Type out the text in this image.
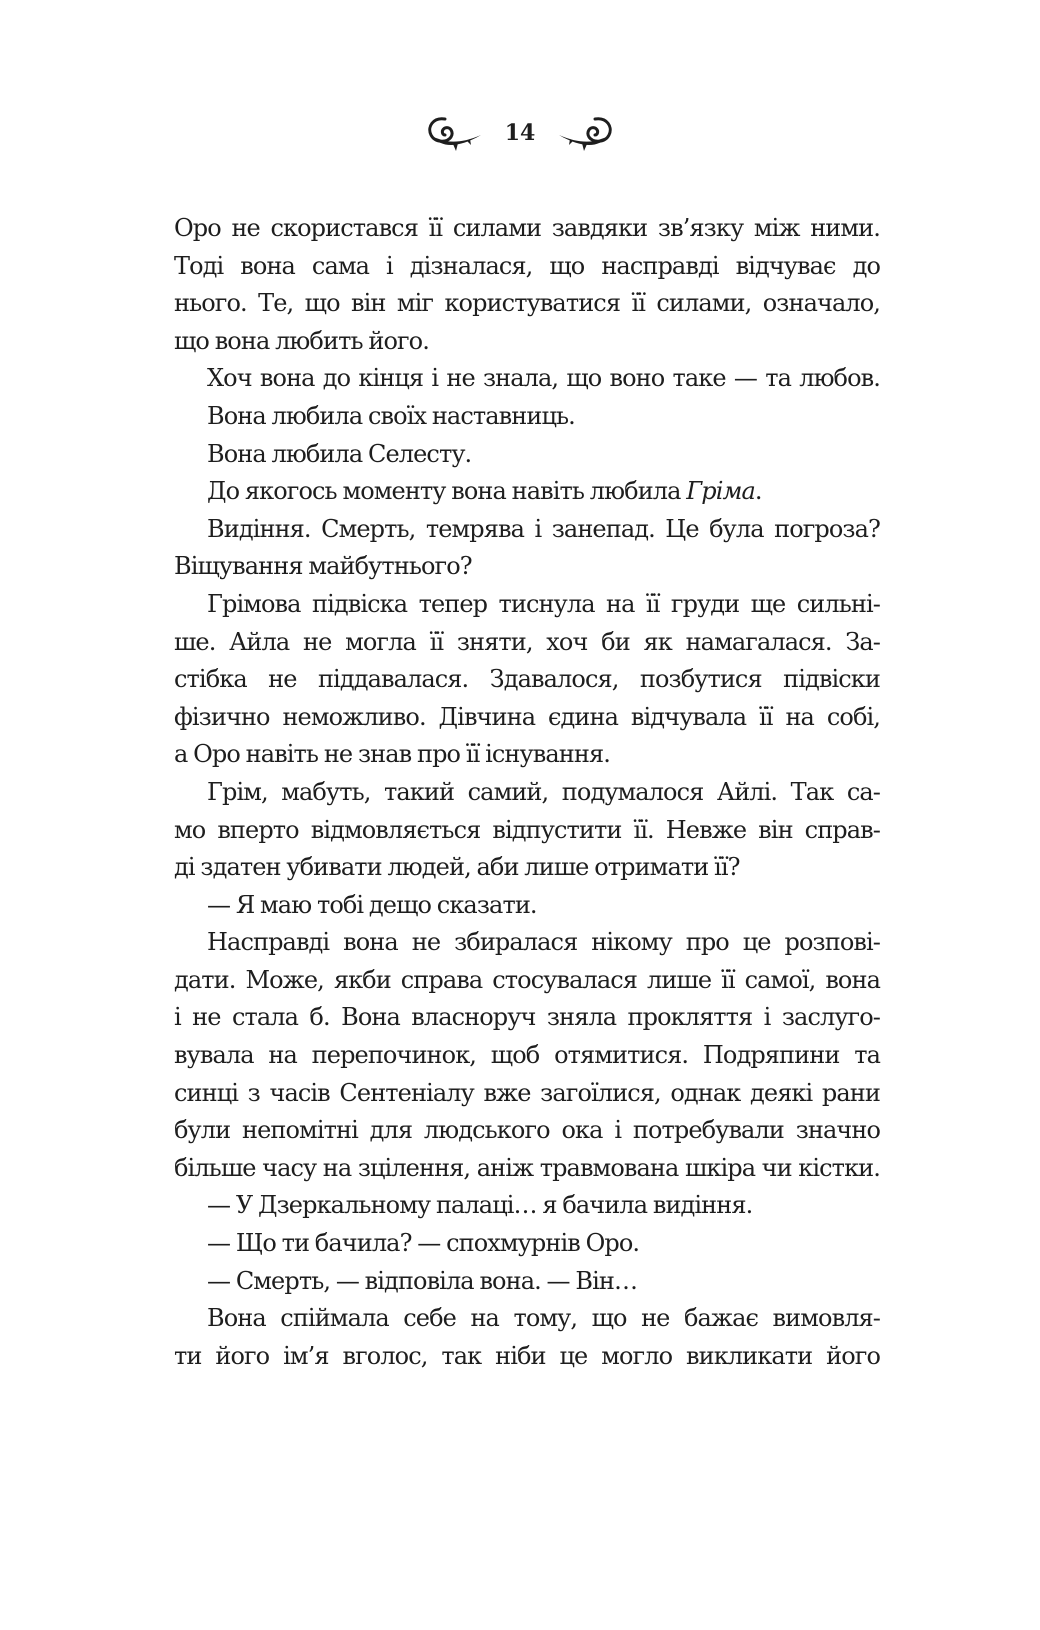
14
Оро не скористався її силами завдяки зв’язку між ними.
Тоді вона сама і дізналася, що насправді відчуває до
нього. Те, що він міг користуватися її силами, означало,
що вона любить його.
Хоч вона до кінця і не знала, що воно таке — та любов.
Вона любила своїх наставниць.
Вона любила Селесту.
До якогось моменту вона навіть любила Гріма.
Видіння. Смерть, темрява і занепад. Це була погроза?
Віщування майбутнього?
Грімова підвіска тепер тиснула на її груди ще сильні-
ше. Айла не могла її зняти, хоч би як намагалася. За-
стібка не піддавалася. Здавалося, позбутися підвіски
фізично неможливо. Дівчина єдина відчувала її на собі,
а Оро навіть не знав про її існування.
Грім, мабуть, такий самий, подумалося Айлі. Так са-
мо вперто відмовляється відпустити її. Невже він справ-
ді здатен убивати людей, аби лише отримати її?
— Я маю тобі дещо сказати.
Насправді вона не збиралася нікому про це розпові-
дати. Може, якби справа стосувалася лише її самої, вона
і не стала б. Вона власноруч зняла прокляття і заслуго-
вувала на перепочинок, щоб отямитися. Подряпини та
синці з часів Сентеніалу вже загоїлися, однак деякі рани
були непомітні для людського ока і потребували значно
більше часу на зцілення, аніж травмована шкіра чи кістки.
— У Дзеркальному палаці… я бачила видіння.
— Що ти бачила? — спохмурнів Оро.
— Смерть, — відповіла вона. — Він…
Вона спіймала себе на тому, що не бажає вимовля-
ти його ім’я вголос, так ніби це могло викликати його
